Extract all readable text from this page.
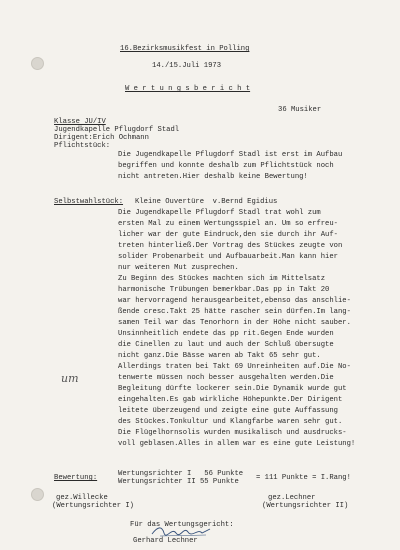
16.Bezirksmusikfest in Polling
14./15.Juli 1973
W e r t u n g s b e r i c h t
36 Musiker
Klasse JU/IV
Jugendkapelle Pflugdorf Stadl
Dirigent:Erich Ochmann
Pflichtstück:
Die Jugendkapelle Pflugdorf Stadl ist erst im Aufbau
begriffen und konnte deshalb zum Pflichtstück noch
nicht antreten.Hier deshalb keine Bewertung!
Selbstwahlstück: Kleine Ouvertüre  v.Bernd Egidius
Die Jugendkapelle Pflugdorf Stadl trat wohl zum
ersten Mal zu einem Wertungsspiel an. Um so erfreu-
licher war der gute Eindruck,den sie durch ihr Auf-
treten hinterließ.Der Vortrag des Stückes zeugte von
solider Probenarbeit und Aufbauarbeit.Man kann hier
nur weiteren Mut zusprechen.
Zu Beginn des Stückes machten sich im Mittelsatz
harmonische Trübungen bemerkbar.Das pp in Takt 20
war hervorragend herausgearbeitet,ebenso das anschlie-
ßende cresc.Takt 25 hätte rascher sein dürfen.Im lang-
samen Teil war das Tenorhorn in der Höhe nicht sauber.
Unsinnheitlich endete das pp rit.Gegen Ende wurden
die Cinellen zu laut und auch der Schluß übersugte
nicht ganz.Die Bässe waren ab Takt 65 sehr gut.
Allerdings traten bei Takt 69 Unreinheiten auf.Die No-
tenwerte müssen noch besser ausgehalten werden.Die
Begleitung dürfte lockerer sein.Die Dynamik wurde gut
eingehalten.Es gab wirkliche Höhepunkte.Der Dirigent
leitete überzeugend und zeigte eine gute Auffassung
des Stückes.Tonkultur und Klangfarbe waren sehr gut.
Die Flügelhornsolis wurden musikalisch und ausdrucks-
voll geblasen.Alles in allem war es eine gute Leistung!
um
Bewertung:	Wertungsrichter I   56 Punkte
Wertungsrichter II 55 Punkte = 111 Punkte = I.Rang!
gez.Willecke
(Wertungsrichter I)
gez.Lechner
(Wertungsrichter II)
Für das Wertungsgericht:
Gerhard Lechner
